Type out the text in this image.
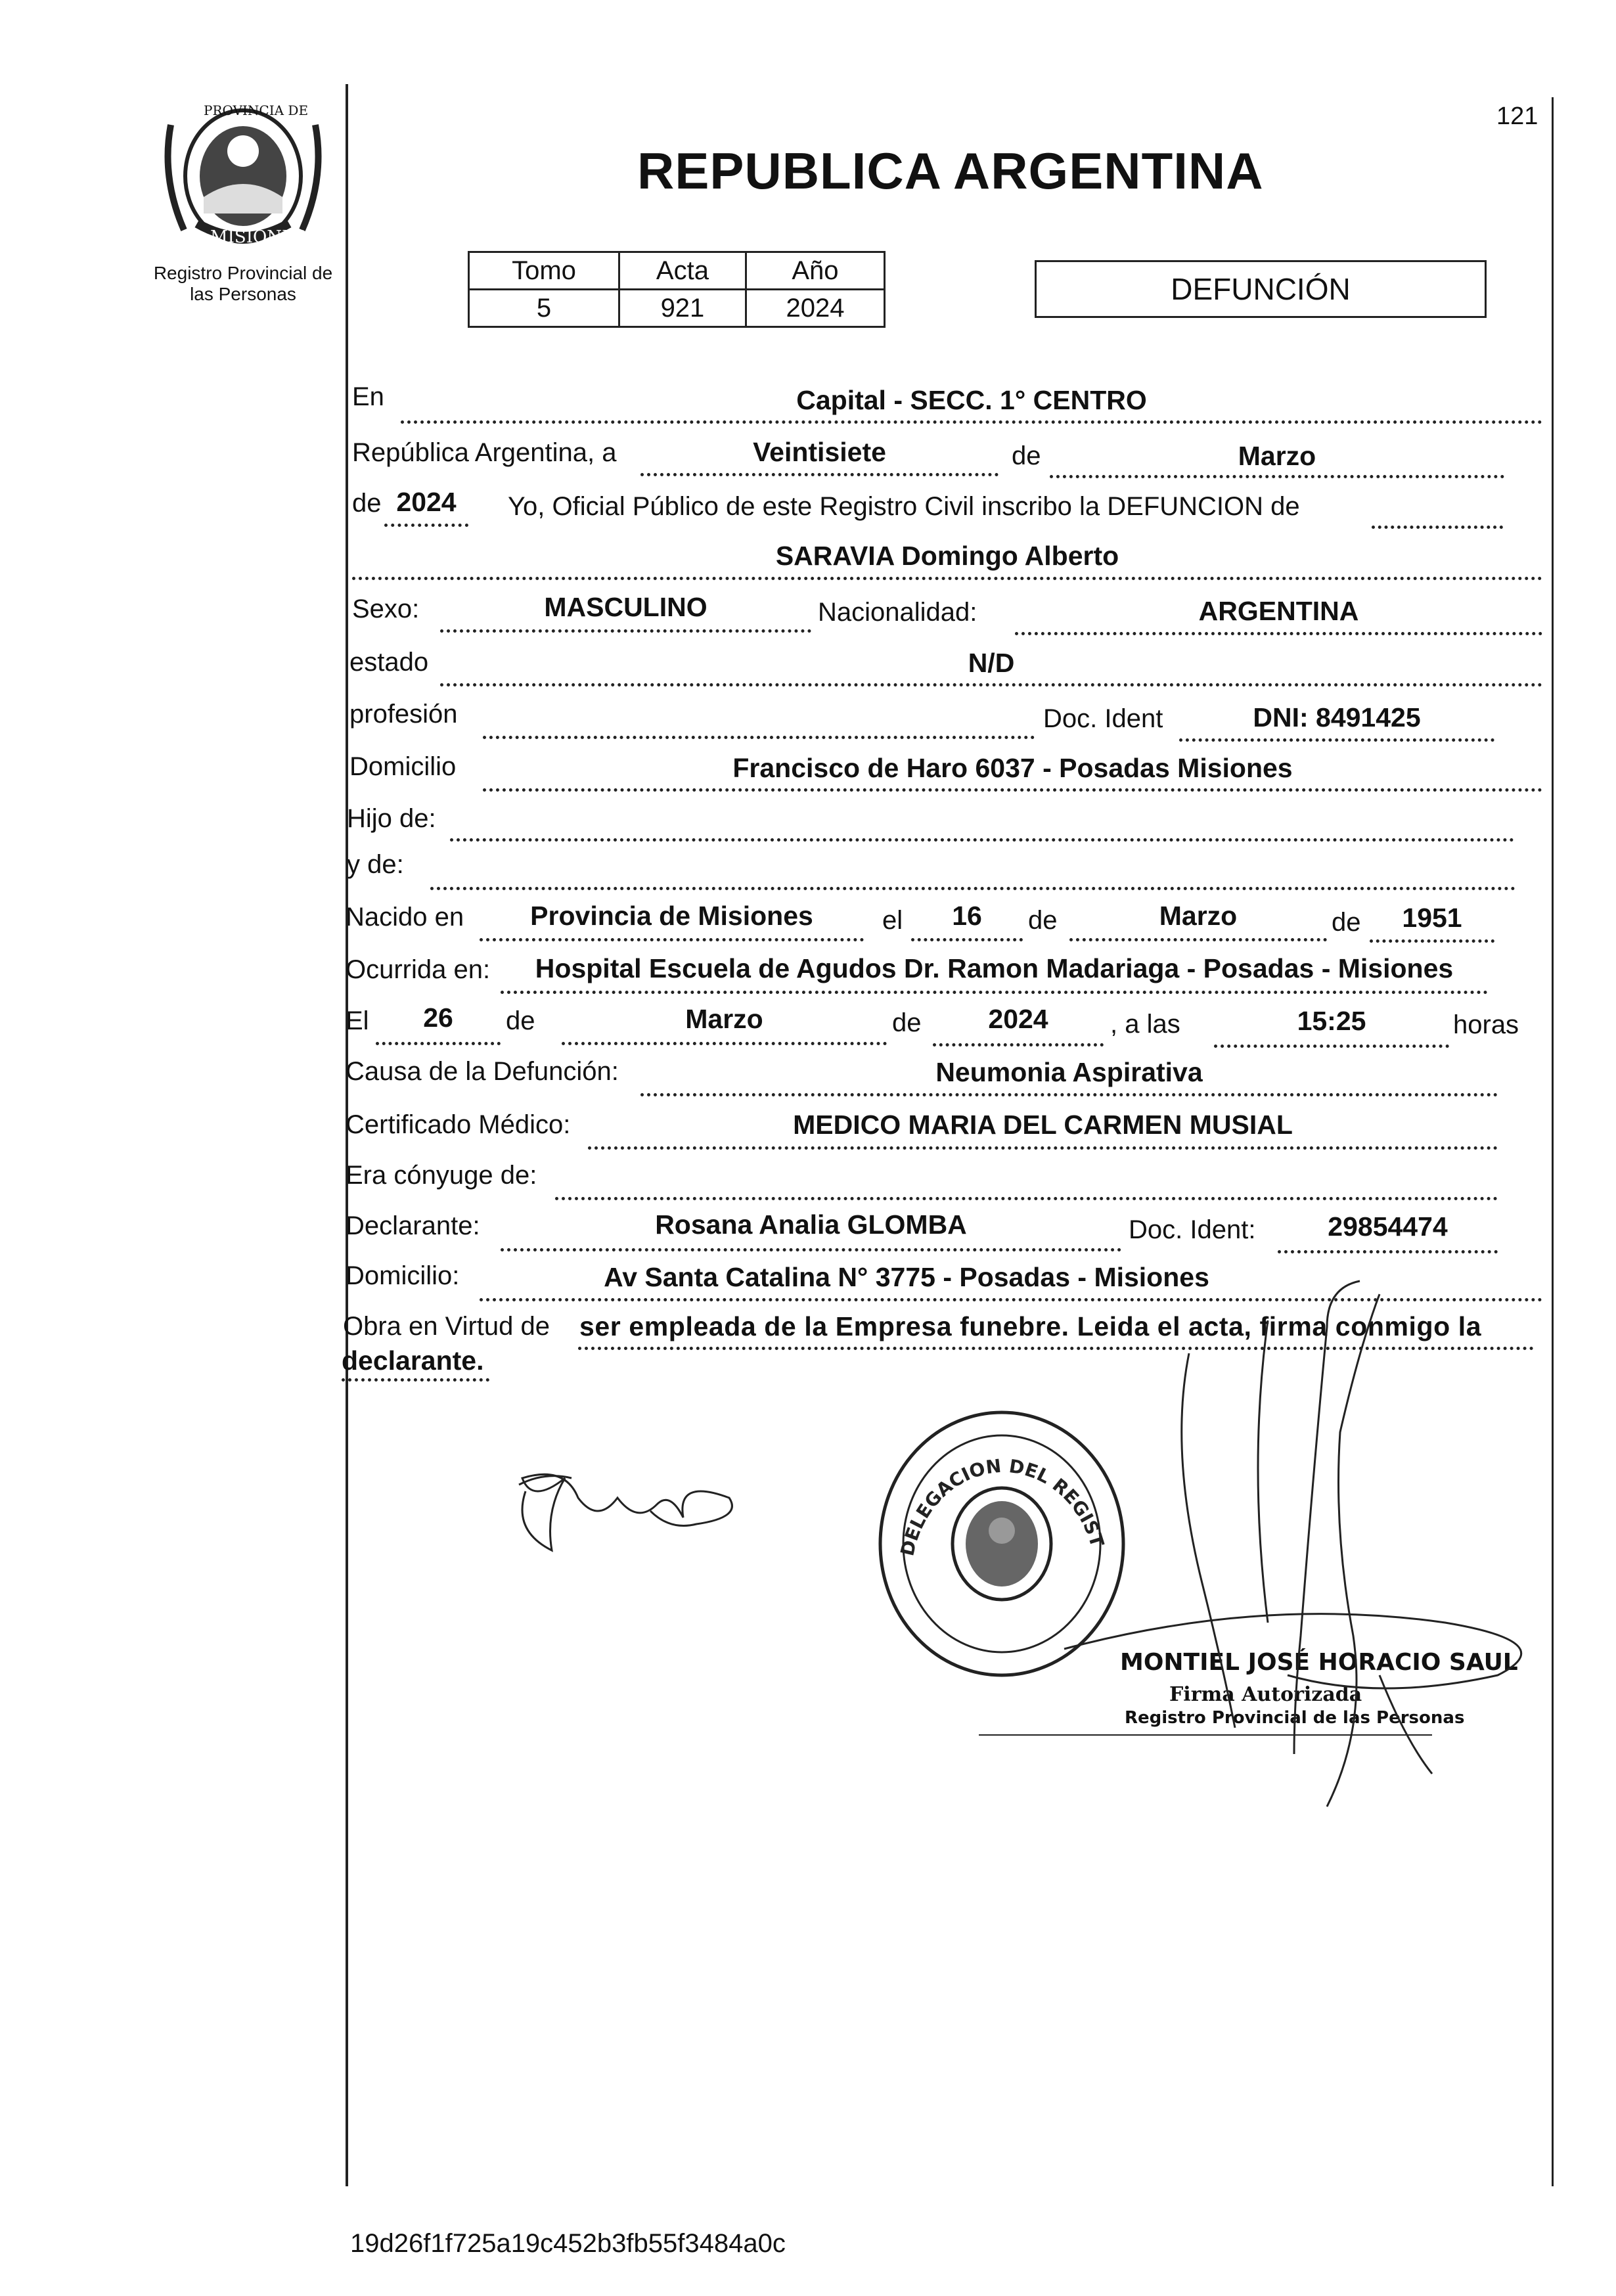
PROVINCIA DE
MISIONES
Registro Provincial de
las Personas
121
REPUBLICA ARGENTINA
Tomo	Acta	Año
5	921	2024
DEFUNCIÓN
En	Capital - SECC. 1° CENTRO
República Argentina, a	Veintisiete	de	Marzo
de 2024	Yo, Oficial Público de este Registro Civil inscribo la DEFUNCION de
SARAVIA Domingo Alberto
Sexo:	MASCULINO	Nacionalidad:	ARGENTINA
estado	N/D
profesión	Doc. Ident	DNI: 8491425
Domicilio	Francisco de Haro 6037 - Posadas Misiones
Hijo de:
y de:
Nacido en	Provincia de Misiones	el	16	de	Marzo	de	1951
Ocurrida en:	Hospital Escuela de Agudos Dr. Ramon Madariaga - Posadas - Misiones
El	26	de	Marzo	de	2024	, a las	15:25	horas
Causa de la Defunción:	Neumonia Aspirativa
Certificado Médico:	MEDICO MARIA DEL CARMEN MUSIAL
Era cónyuge de:
Declarante:	Rosana Analia GLOMBA	Doc. Ident:	29854474
Domicilio:	Av Santa Catalina N° 3775 - Posadas - Misiones
Obra en Virtud de ser empleada de la Empresa funebre. Leida el acta, firma conmigo la
declarante.
DELEGACION DEL REGIST
MONTIEL JOSÉ HORACIO SAUL
Firma Autorizada
Registro Provincial de las Personas
19d26f1f725a19c452b3fb55f3484a0c
